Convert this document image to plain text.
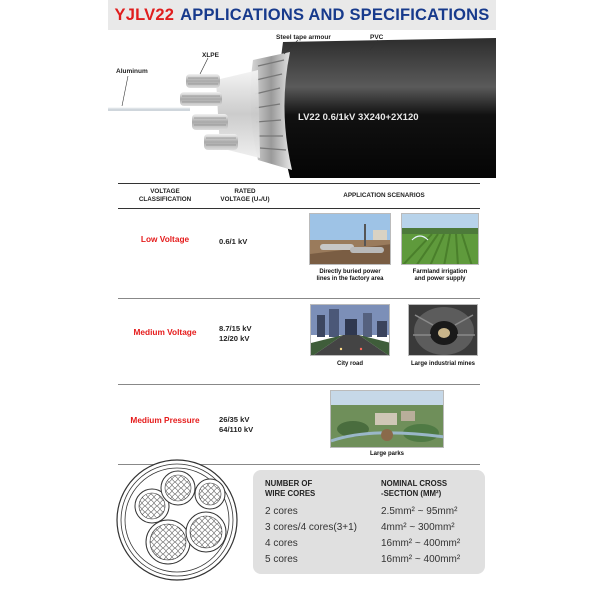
YJLV22 APPLICATIONS AND SPECIFICATIONS
LV22 0.6/1kV 3X240+2X120
Aluminum
XLPE
Steel tape armour	PVC
VOLTAGE
CLASSIFICATION
RATED
VOLTAGE (U₀/U)
APPLICATION SCENARIOS
Low Voltage	0.6/1 kV
Directly buried power
lines in the factory area
Farmland irrigation
and power supply
Medium Voltage	8.7/15 kV
12/20 kV
City road	Large industrial mines
Medium Pressure	26/35 kV
64/110 kV
Large parks
NUMBER OF
WIRE CORES
NOMINAL CROSS
-SECTION (MM²)
2 cores	2.5mm² ~ 95mm²
3 cores/4 cores(3+1) 4mm² ~ 300mm²
4 cores	16mm² ~ 400mm²
5 cores	16mm² ~ 400mm²
